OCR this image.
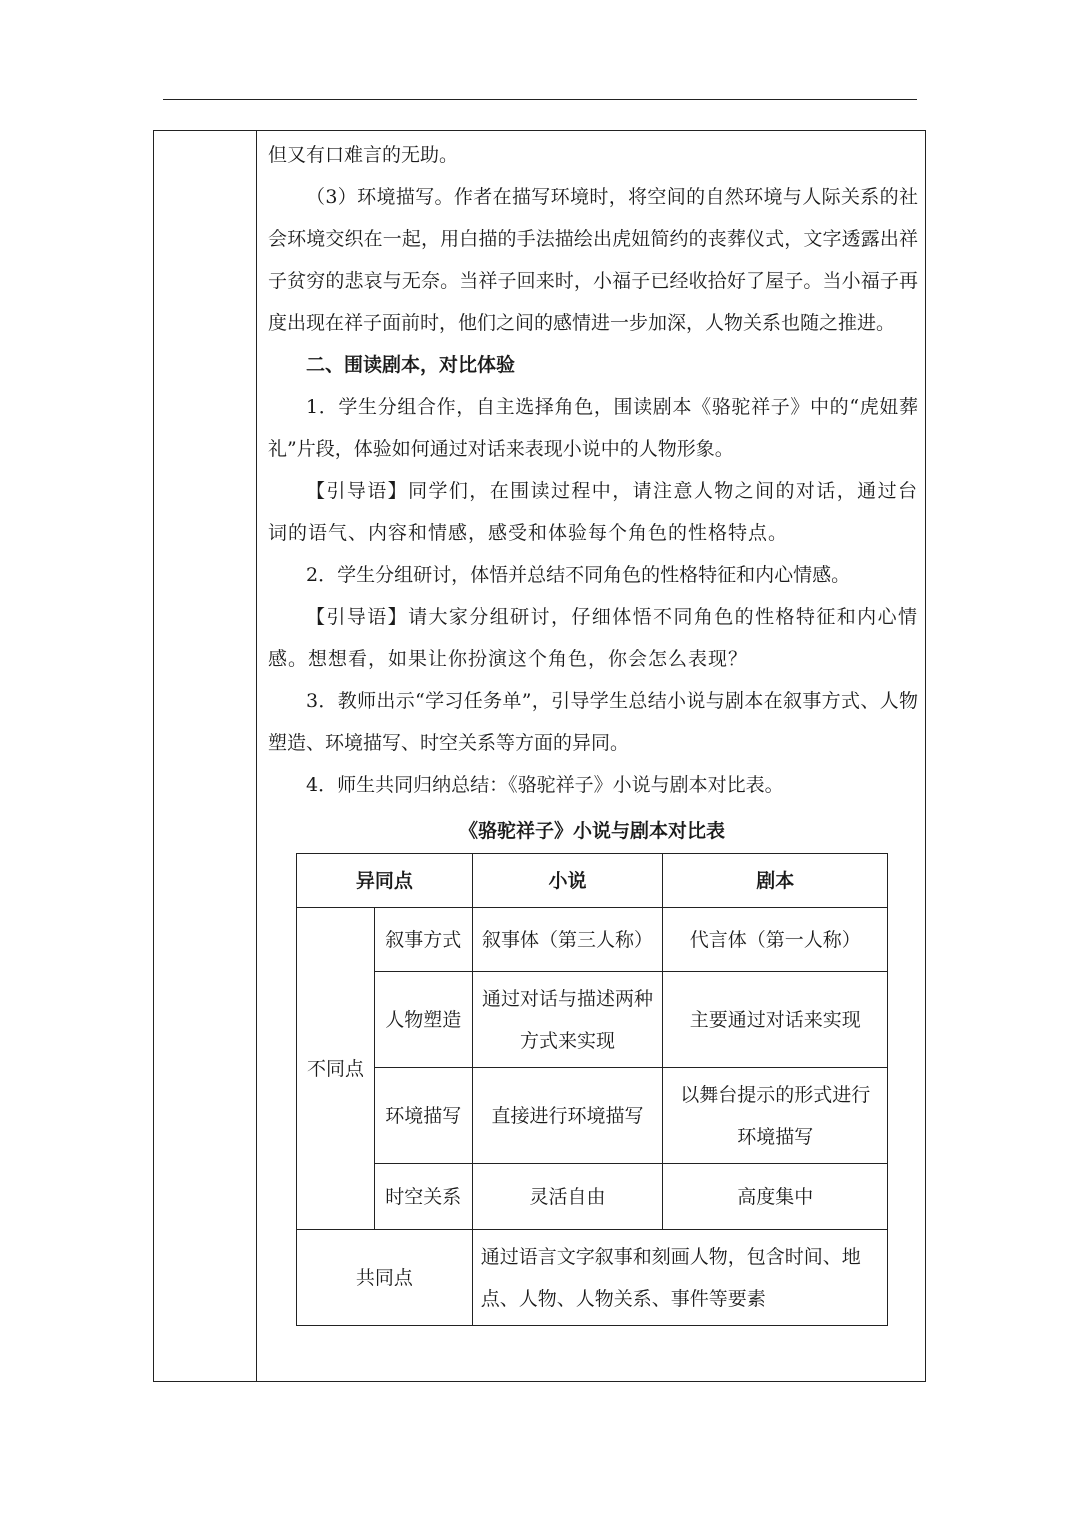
但又有口难言的无助。

（3）环境描写。作者在描写环境时，将空间的自然环境与人际关系的社会环境交织在一起，用白描的手法描绘出虎妞简约的丧葬仪式，文字透露出祥子贫穷的悲哀与无奈。当祥子回来时，小福子已经收拾好了屋子。当小福子再度出现在祥子面前时，他们之间的感情进一步加深，人物关系也随之推进。

二、围读剧本，对比体验

1．学生分组合作，自主选择角色，围读剧本《骆驼祥子》中的“虎妞葬礼”片段，体验如何通过对话来表现小说中的人物形象。

【引导语】同学们，在围读过程中，请注意人物之间的对话，通过台词的语气、内容和情感，感受和体验每个角色的性格特点。

2．学生分组研讨，体悟并总结不同角色的性格特征和内心情感。

【引导语】请大家分组研讨，仔细体悟不同角色的性格特征和内心情感。想想看，如果让你扮演这个角色，你会怎么表现？

3．教师出示“学习任务单”，引导学生总结小说与剧本在叙事方式、人物塑造、环境描写、时空关系等方面的异同。

4．师生共同归纳总结：《骆驼祥子》小说与剧本对比表。

《骆驼祥子》小说与剧本对比表
异同点		小说	剧本
不同点	叙事方式	叙事体（第三人称）	代言体（第一人称）
	人物塑造	通过对话与描述两种方式来实现	主要通过对话来实现
	环境描写	直接进行环境描写	以舞台提示的形式进行环境描写
	时空关系	灵活自由	高度集中
共同点		通过语言文字叙事和刻画人物，包含时间、地点、人物、人物关系、事件等要素	
